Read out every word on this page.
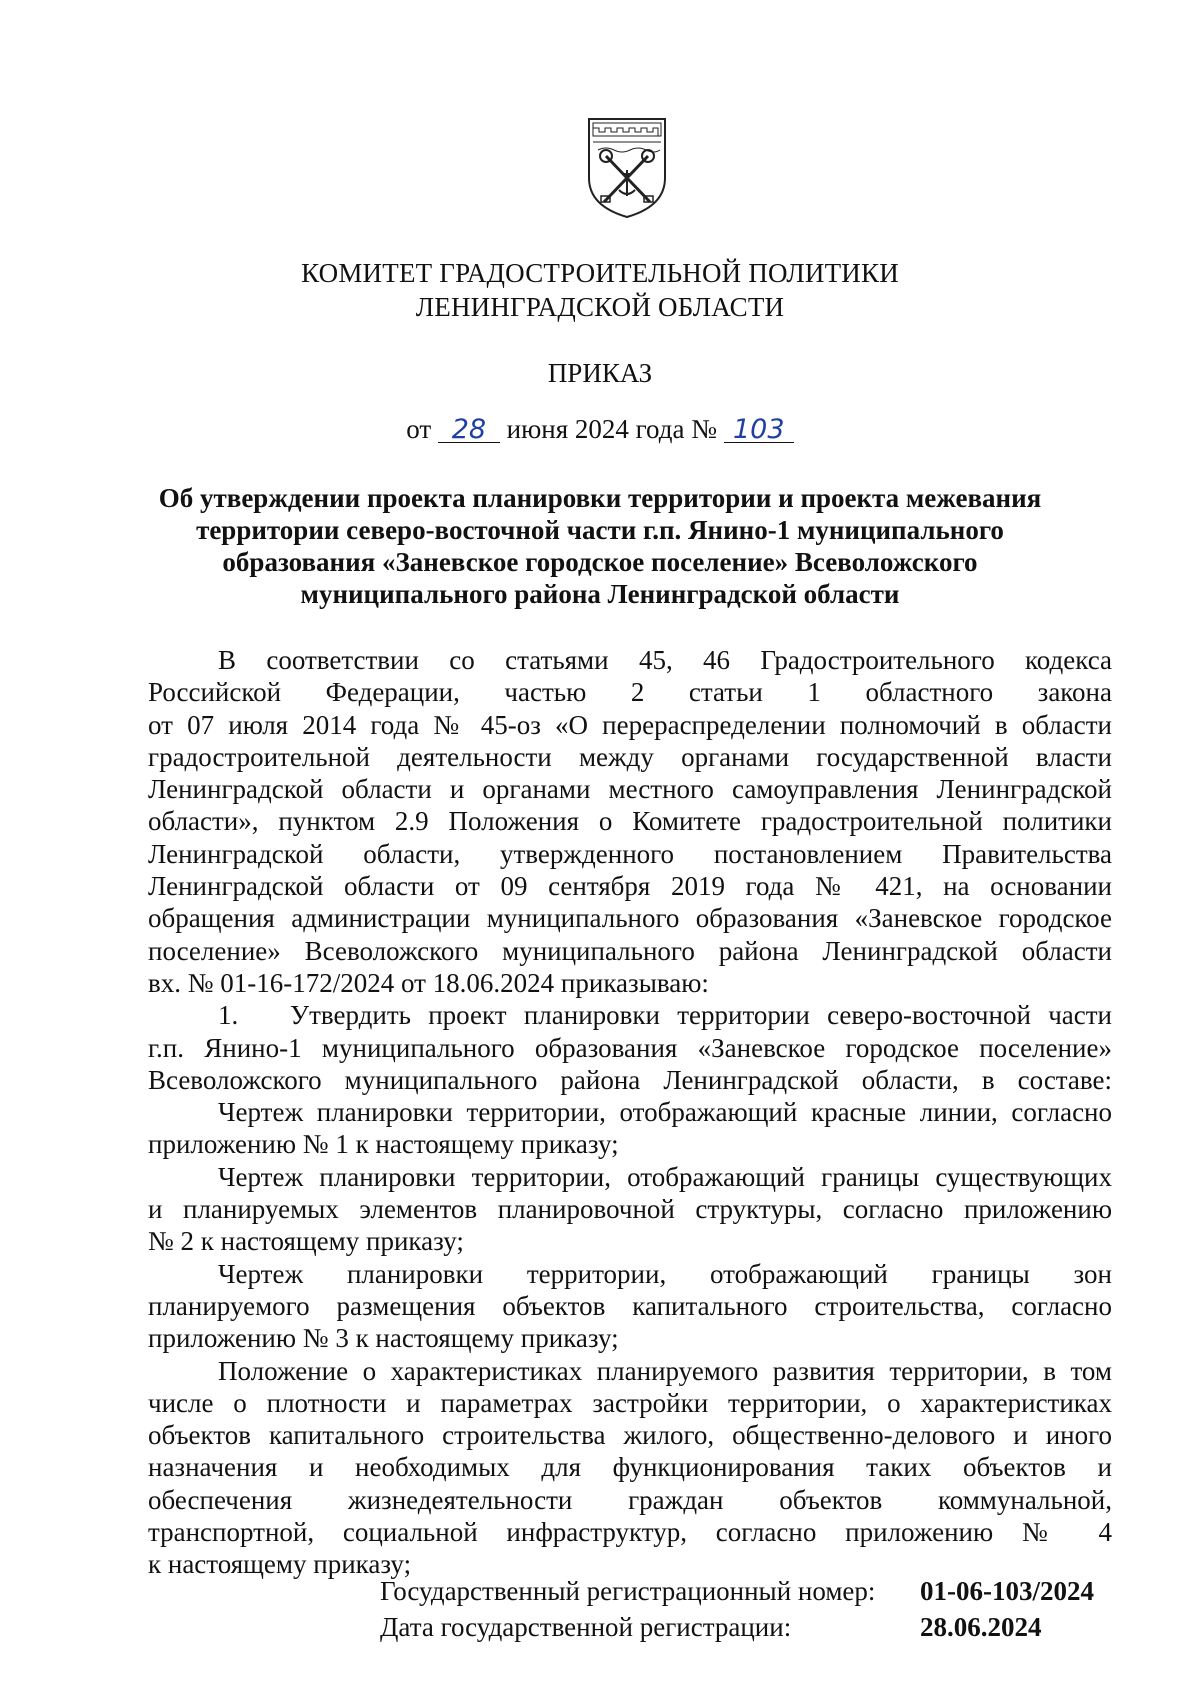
КОМИТЕТ ГРАДОСТРОИТЕЛЬНОЙ ПОЛИТИКИ
ЛЕНИНГРАДСКОЙ ОБЛАСТИ
ПРИКАЗ
от 28 июня 2024 года № 103
Об утверждении проекта планировки территории и проекта межевания
территории северо-восточной части г.п. Янино-1 муниципального
образования «Заневское городское поселение» Всеволожского
муниципального района Ленинградской области
В соответствии со статьями 45, 46 Градостроительного кодекса
Российской Федерации, частью 2 статьи 1 областного закона
от 07 июля 2014 года № 45-оз «О перераспределении полномочий в области
градостроительной деятельности между органами государственной власти
Ленинградской области и органами местного самоуправления Ленинградской
области», пунктом 2.9 Положения о Комитете градостроительной политики
Ленинградской области, утвержденного постановлением Правительства
Ленинградской области от 09 сентября 2019 года № 421, на основании
обращения администрации муниципального образования «Заневское городское
поселение» Всеволожского муниципального района Ленинградской области
вх. № 01-16-172/2024 от 18.06.2024 приказываю:
1. Утвердить проект планировки территории северо-восточной части
г.п. Янино-1 муниципального образования «Заневское городское поселение»
Всеволожского муниципального района Ленинградской области, в составе:
Чертеж планировки территории, отображающий красные линии, согласно
приложению № 1 к настоящему приказу;
Чертеж планировки территории, отображающий границы существующих
и планируемых элементов планировочной структуры, согласно приложению
№ 2 к настоящему приказу;
Чертеж планировки территории, отображающий границы зон
планируемого размещения объектов капитального строительства, согласно
приложению № 3 к настоящему приказу;
Положение о характеристиках планируемого развития территории, в том
числе о плотности и параметрах застройки территории, о характеристиках
объектов капитального строительства жилого, общественно-делового и иного
назначения и необходимых для функционирования таких объектов и
обеспечения жизнедеятельности граждан объектов коммунальной,
транспортной, социальной инфраструктур, согласно приложению № 4
к настоящему приказу;
Государственный регистрационный номер: 01-06-103/2024
Дата государственной регистрации:	28.06.2024
